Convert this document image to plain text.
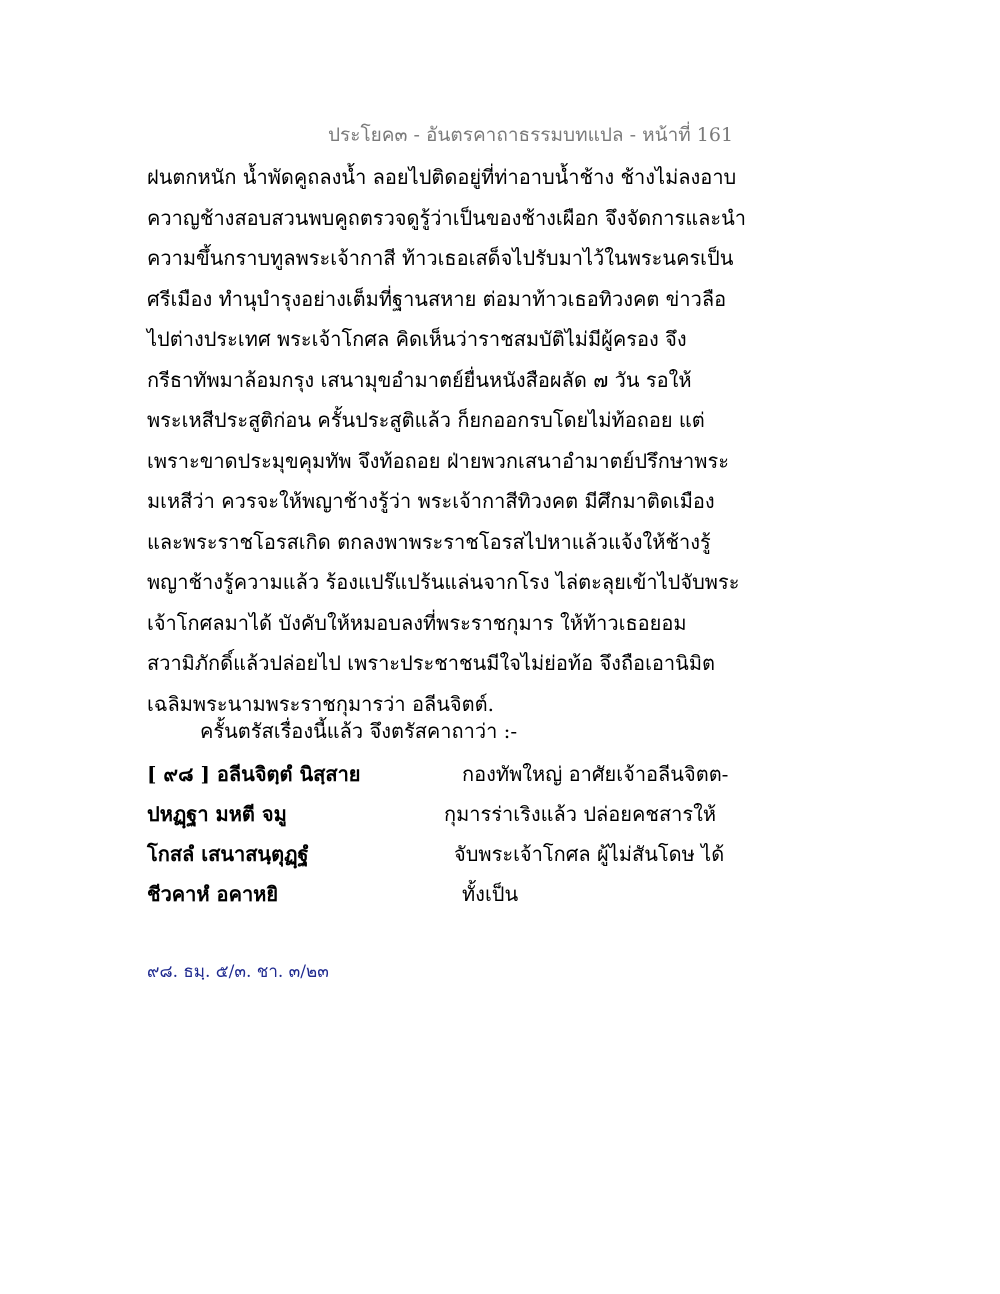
ประโยค๓ - อันตรคาถาธรรมบทแปล - หน้าที่ 161
ฝนตกหนัก น้ำพัดคูถลงน้ำ ลอยไปติดอยู่ที่ท่าอาบน้ำช้าง ช้างไม่ลงอาบ
ควาญช้างสอบสวนพบคูถตรวจดูรู้ว่าเป็นของช้างเผือก จึงจัดการและนำ
ความขึ้นกราบทูลพระเจ้ากาสี ท้าวเธอเสด็จไปรับมาไว้ในพระนครเป็น
ศรีเมือง ทำนุบำรุงอย่างเต็มที่ฐานสหาย ต่อมาท้าวเธอทิวงคต ข่าวลือ
ไปต่างประเทศ พระเจ้าโกศล คิดเห็นว่าราชสมบัติไม่มีผู้ครอง จึง
กรีธาทัพมาล้อมกรุง เสนามุขอำมาตย์ยื่นหนังสือผลัด ๗ วัน รอให้
พระเหสีประสูติก่อน ครั้นประสูติแล้ว ก็ยกออกรบโดยไม่ท้อถอย แต่
เพราะขาดประมุขคุมทัพ จึงท้อถอย ฝ่ายพวกเสนาอำมาตย์ปรึกษาพระ
มเหสีว่า ควรจะให้พญาช้างรู้ว่า พระเจ้ากาสีทิวงคต มีศึกมาติดเมือง
และพระราชโอรสเกิด ตกลงพาพระราชโอรสไปหาแล้วแจ้งให้ช้างรู้
พญาช้างรู้ความแล้ว ร้องแปร๊แปร้นแล่นจากโรง ไล่ตะลุยเข้าไปจับพระ
เจ้าโกศลมาได้ บังคับให้หมอบลงที่พระราชกุมาร ให้ท้าวเธอยอม
สวามิภักดิ์แล้วปล่อยไป เพราะประชาชนมีใจไม่ย่อท้อ จึงถือเอานิมิต
เฉลิมพระนามพระราชกุมารว่า อลีนจิตต์.
ครั้นตรัสเรื่องนี้แล้ว จึงตรัสคาถาว่า :-
[ ๙๘ ] อลีนจิตฺตํ นิสฺสาย	กองทัพใหญ่ อาศัยเจ้าอลีนจิตต-
ปหฏฺฐา มหตี จมู	กุมารร่าเริงแล้ว ปล่อยคชสารให้
โกสลํ เสนาสนฺตุฏฺฐํ	จับพระเจ้าโกศล ผู้ไม่สันโดษ ได้
ชีวคาหํ อคาหยิ	ทั้งเป็น
๙๘. ธมฺ. ๕/๓. ชา. ๓/๒๓
